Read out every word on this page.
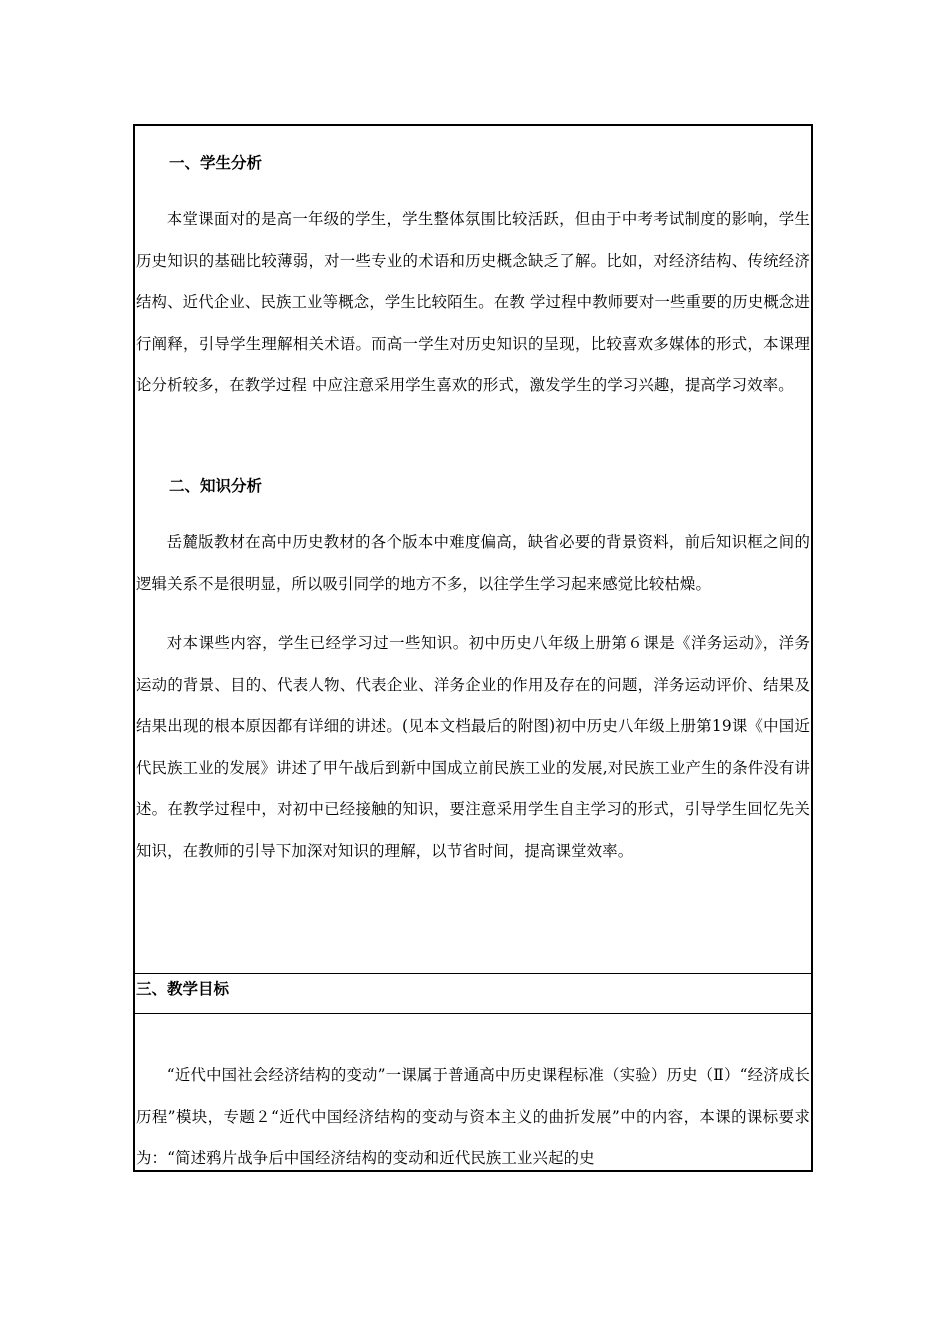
一、学生分析
本堂课面对的是高一年级的学生，学生整体氛围比较活跃，但由于中考考试制度的影响，学生历史知识的基础比较薄弱，对一些专业的术语和历史概念缺乏了解。比如，对经济结构、传统经济结构、近代企业、民族工业等概念，学生比较陌生。在教 学过程中教师要对一些重要的历史概念进行阐释，引导学生理解相关术语。而高一学生对历史知识的呈现，比较喜欢多媒体的形式，本课理论分析较多，在教学过程 中应注意采用学生喜欢的形式，激发学生的学习兴趣，提高学习效率。
二、知识分析
岳麓版教材在高中历史教材的各个版本中难度偏高，缺省必要的背景资料，前后知识框之间的逻辑关系不是很明显，所以吸引同学的地方不多，以往学生学习起来感觉比较枯燥。
对本课些内容，学生已经学习过一些知识。初中历史八年级上册第６课是《洋务运动》，洋务运动的背景、目的、代表人物、代表企业、洋务企业的作用及存在的问题，洋务运动评价、结果及结果出现的根本原因都有详细的讲述。(见本文档最后的附图)初中历史八年级上册第19课《中国近代民族工业的发展》讲述了甲午战后到新中国成立前民族工业的发展,对民族工业产生的条件没有讲述。在教学过程中，对初中已经接触的知识，要注意采用学生自主学习的形式，引导学生回忆先关知识，在教师的引导下加深对知识的理解，以节省时间，提高课堂效率。
三、教学目标
“近代中国社会经济结构的变动”一课属于普通高中历史课程标准（实验）历史（Ⅱ）“经济成长历程”模块，专题２“近代中国经济结构的变动与资本主义的曲折发展”中的内容，本课的课标要求为：“简述鸦片战争后中国经济结构的变动和近代民族工业兴起的史
